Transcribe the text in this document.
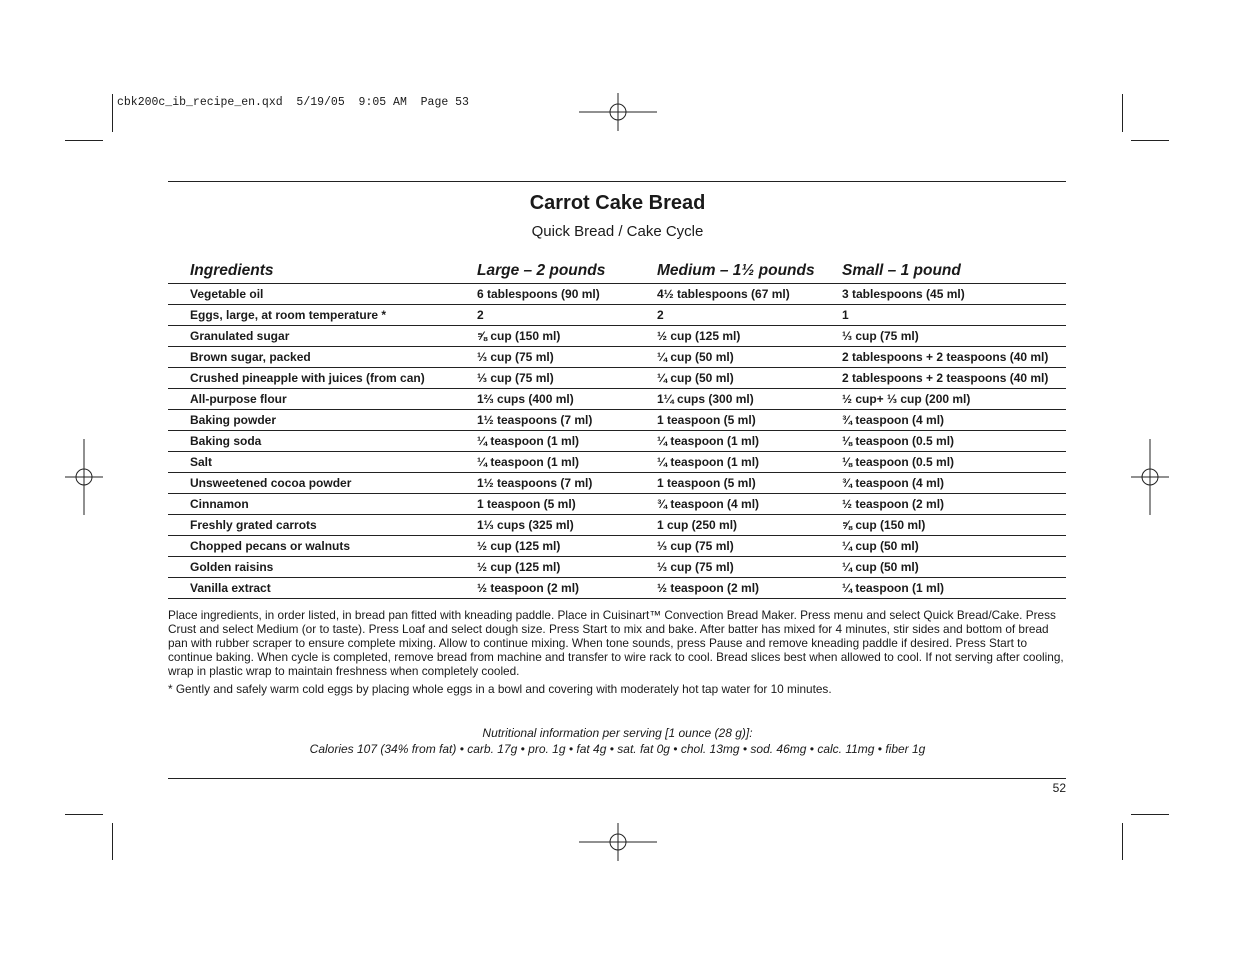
cbk200c_ib_recipe_en.qxd  5/19/05  9:05 AM  Page 53
Carrot Cake Bread
Quick Bread / Cake Cycle
Ingredients	Large – 2 pounds	Medium – 1½ pounds	Small – 1 pound
Vegetable oil	6 tablespoons (90 ml)	4½ tablespoons (67 ml)	3 tablespoons (45 ml)
Eggs, large, at room temperature *	2	2	1
Granulated sugar	⅝ cup (150 ml)	½ cup (125 ml)	⅓ cup (75 ml)
Brown sugar, packed	⅓ cup (75 ml)	¼ cup (50 ml)	2 tablespoons + 2 teaspoons (40 ml)
Crushed pineapple with juices (from can)	⅓ cup (75 ml)	¼ cup (50 ml)	2 tablespoons + 2 teaspoons (40 ml)
All-purpose flour	1⅔ cups (400 ml)	1¼ cups (300 ml)	½ cup+ ⅓ cup (200 ml)
Baking powder	1½ teaspoons (7 ml)	1 teaspoon (5 ml)	¾ teaspoon (4 ml)
Baking soda	¼ teaspoon (1 ml)	¼ teaspoon (1 ml)	⅛ teaspoon (0.5 ml)
Salt	¼ teaspoon (1 ml)	¼ teaspoon (1 ml)	⅛ teaspoon (0.5 ml)
Unsweetened cocoa powder	1½ teaspoons (7 ml)	1 teaspoon (5 ml)	¾ teaspoon (4 ml)
Cinnamon	1 teaspoon (5 ml)	¾ teaspoon (4 ml)	½ teaspoon (2 ml)
Freshly grated carrots	1⅓ cups (325 ml)	1 cup (250 ml)	⅝ cup (150 ml)
Chopped pecans or walnuts	½ cup (125 ml)	⅓ cup (75 ml)	¼ cup (50 ml)
Golden raisins	½ cup (125 ml)	⅓ cup (75 ml)	¼ cup (50 ml)
Vanilla extract	½ teaspoon (2 ml)	½ teaspoon (2 ml)	¼ teaspoon (1 ml)
Place ingredients, in order listed, in bread pan fitted with kneading paddle. Place in Cuisinart™ Convection Bread Maker. Press menu and select Quick Bread/Cake. Press Crust and select Medium (or to taste). Press Loaf and select dough size. Press Start to mix and bake. After batter has mixed for 4 minutes, stir sides and bottom of bread pan with rubber scraper to ensure complete mixing. Allow to continue mixing. When tone sounds, press Pause and remove kneading paddle if desired. Press Start to continue baking. When cycle is completed, remove bread from machine and transfer to wire rack to cool. Bread slices best when allowed to cool. If not serving after cooling, wrap in plastic wrap to maintain freshness when completely cooled.
* Gently and safely warm cold eggs by placing whole eggs in a bowl and covering with moderately hot tap water for 10 minutes.
Nutritional information per serving [1 ounce (28 g)]:
Calories 107 (34% from fat) • carb. 17g • pro. 1g • fat 4g • sat. fat 0g • chol. 13mg • sod. 46mg • calc. 11mg • fiber 1g
52
